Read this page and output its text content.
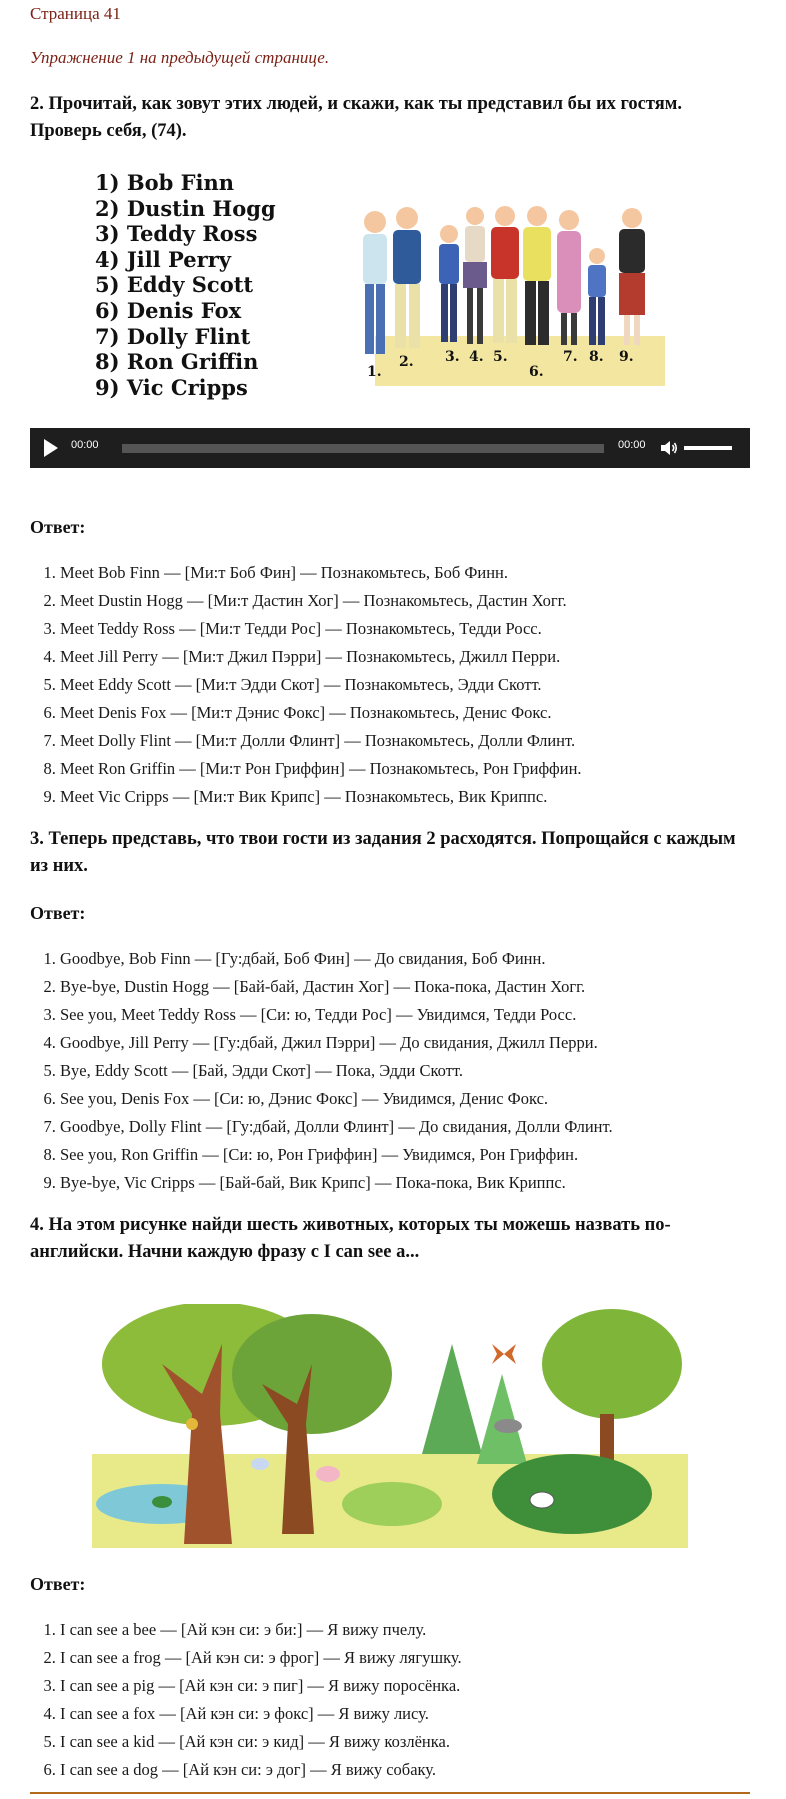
Страница 41
Упражнение 1 на предыдущей странице.
2. Прочитай, как зовут этих людей, и скажи, как ты представил бы их гостям. Проверь себя, (74).
1) Bob Finn
2) Dustin Hogg
3) Teddy Ross
4) Jill Perry
5) Eddy Scott
6) Denis Fox
7) Dolly Flint
8) Ron Griffin
9) Vic Cripps
1.
2. 3. 4. 5.
6.
7. 8. 9.
00:00	00:00
Ответ:
1. Meet Bob Finn — [Ми:т Боб Фин] — Познакомьтесь, Боб Финн.
2. Meet Dustin Hogg — [Ми:т Дастин Хог] — Познакомьтесь, Дастин Хогг.
3. Meet Teddy Ross — [Ми:т Тедди Рос] — Познакомьтесь, Тедди Росс.
4. Meet Jill Perry — [Ми:т Джил Пэрри] — Познакомьтесь, Джилл Перри.
5. Meet Eddy Scott — [Ми:т Эдди Скот] — Познакомьтесь, Эдди Скотт.
6. Meet Denis Fox — [Ми:т Дэнис Фокс] — Познакомьтесь, Денис Фокс.
7. Meet Dolly Flint — [Ми:т Долли Флинт] — Познакомьтесь, Долли Флинт.
8. Meet Ron Griffin — [Ми:т Рон Гриффин] — Познакомьтесь, Рон Гриффин.
9. Meet Vic Cripps — [Ми:т Вик Крипс] — Познакомьтесь, Вик Криппс.
3. Теперь представь, что твои гости из задания 2 расходятся. Попрощайся с каждым из них.
Ответ:
1. Goodbye, Bob Finn — [Гу:дбай, Боб Фин] — До свидания, Боб Финн.
2. Bye-bye, Dustin Hogg — [Бай-бай, Дастин Хог] — Пока-пока, Дастин Хогг.
3. See you, Meet Teddy Ross — [Си: ю, Тедди Рос] — Увидимся, Тедди Росс.
4. Goodbye, Jill Perry — [Гу:дбай, Джил Пэрри] — До свидания, Джилл Перри.
5. Bye, Eddy Scott — [Бай, Эдди Скот] — Пока, Эдди Скотт.
6. See you, Denis Fox — [Си: ю, Дэнис Фокс] — Увидимся, Денис Фокс.
7. Goodbye, Dolly Flint — [Гу:дбай, Долли Флинт] — До свидания, Долли Флинт.
8. See you, Ron Griffin — [Си: ю, Рон Гриффин] — Увидимся, Рон Гриффин.
9. Bye-bye, Vic Cripps — [Бай-бай, Вик Крипс] — Пока-пока, Вик Криппс.
4. На этом рисунке найди шесть животных, которых ты можешь назвать по-английски. Начни каждую фразу с I can see a...
Ответ:
1. I can see a bee — [Ай кэн си: э би:] — Я вижу пчелу.
2. I can see a frog — [Ай кэн си: э фрог] — Я вижу лягушку.
3. I can see a pig — [Ай кэн си: э пиг] — Я вижу поросёнка.
4. I can see a fox — [Ай кэн си: э фокс] — Я вижу лису.
5. I can see a kid — [Ай кэн си: э кид] — Я вижу козлёнка.
6. I can see a dog — [Ай кэн си: э дог] — Я вижу собаку.
